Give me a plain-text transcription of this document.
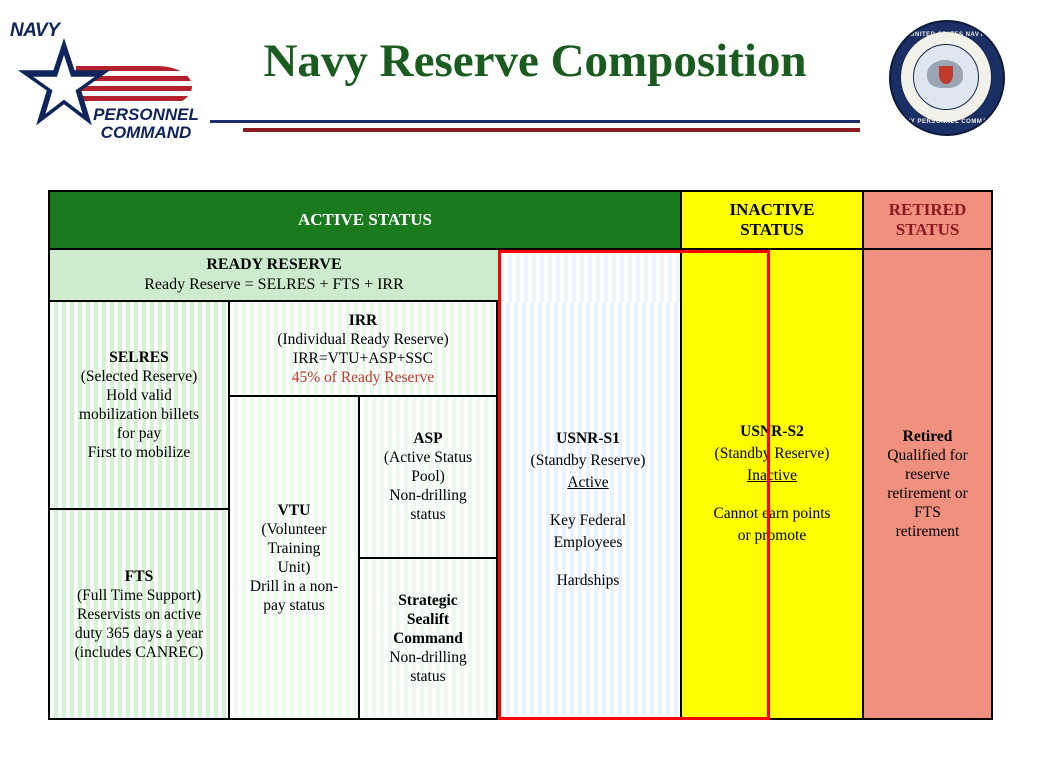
NAVY
PERSONNEL
COMMAND
Navy Reserve Composition	UNITED STATES NAVY
NAVY PERSONNEL COMMAND
ACTIVE STATUS
INACTIVE
STATUS
RETIRED
STATUS
READY RESERVE
Ready Reserve = SELRES + FTS + IRR
SELRES
(Selected Reserve)
Hold valid
mobilization billets
for pay
First to mobilize
FTS
(Full Time Support)
Reservists on active
duty 365 days a year
(includes CANREC)
IRR
(Individual Ready Reserve)
IRR=VTU+ASP+SSC
45% of Ready Reserve
VTU
(Volunteer
Training
Unit)
Drill in a non-
pay status
ASP
(Active Status
Pool)
Non-drilling
status
Strategic
Sealift
Command
Non-drilling
status
USNR-S1
(Standby Reserve)
Active
Key Federal
Employees
Hardships
USNR-S2
(Standby Reserve)
Inactive
Cannot earn points
or promote
Retired
Qualified for
reserve
retirement or
FTS
retirement
